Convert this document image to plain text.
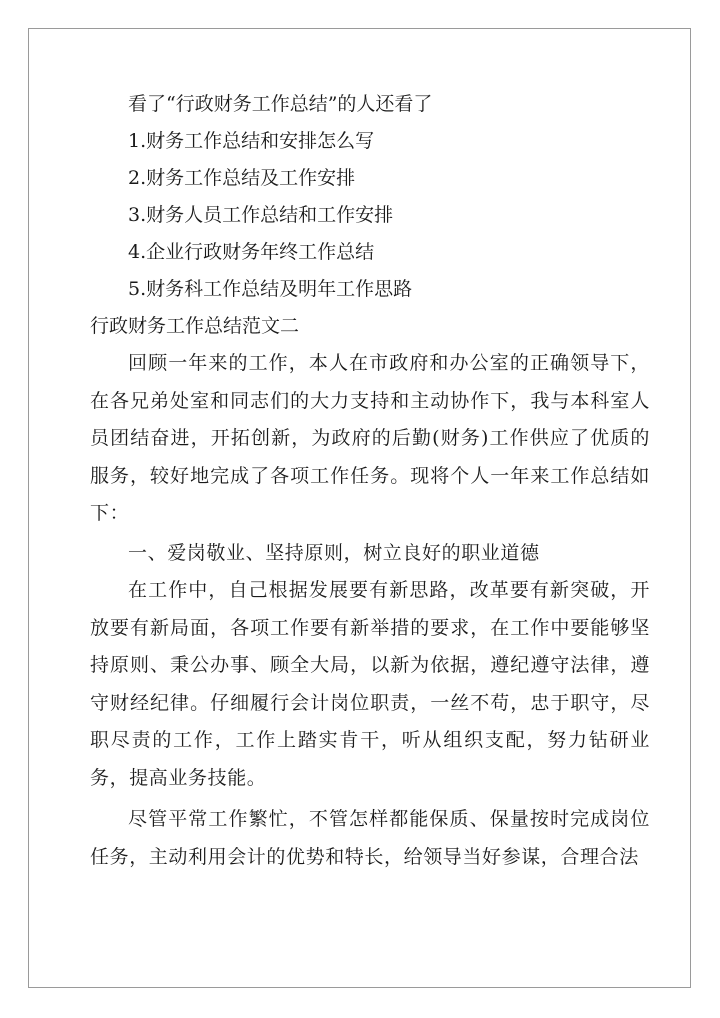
看了“行政财务工作总结”的人还看了
1.财务工作总结和安排怎么写
2.财务工作总结及工作安排
3.财务人员工作总结和工作安排
4.企业行政财务年终工作总结
5.财务科工作总结及明年工作思路
行政财务工作总结范文二

回顾一年来的工作，本人在市政府和办公室的正确领导下，在各兄弟处室和同志们的大力支持和主动协作下，我与本科室人员团结奋进，开拓创新，为政府的后勤(财务)工作供应了优质的服务，较好地完成了各项工作任务。现将个人一年来工作总结如下：

一、爱岗敬业、坚持原则，树立良好的职业道德

在工作中，自己根据发展要有新思路，改革要有新突破，开放要有新局面，各项工作要有新举措的要求，在工作中要能够坚持原则、秉公办事、顾全大局，以新为依据，遵纪遵守法律，遵守财经纪律。仔细履行会计岗位职责，一丝不苟，忠于职守，尽职尽责的工作，工作上踏实肯干，听从组织支配，努力钻研业务，提高业务技能。

尽管平常工作繁忙，不管怎样都能保质、保量按时完成岗位任务，主动利用会计的优势和特长，给领导当好参谋，合理合法
